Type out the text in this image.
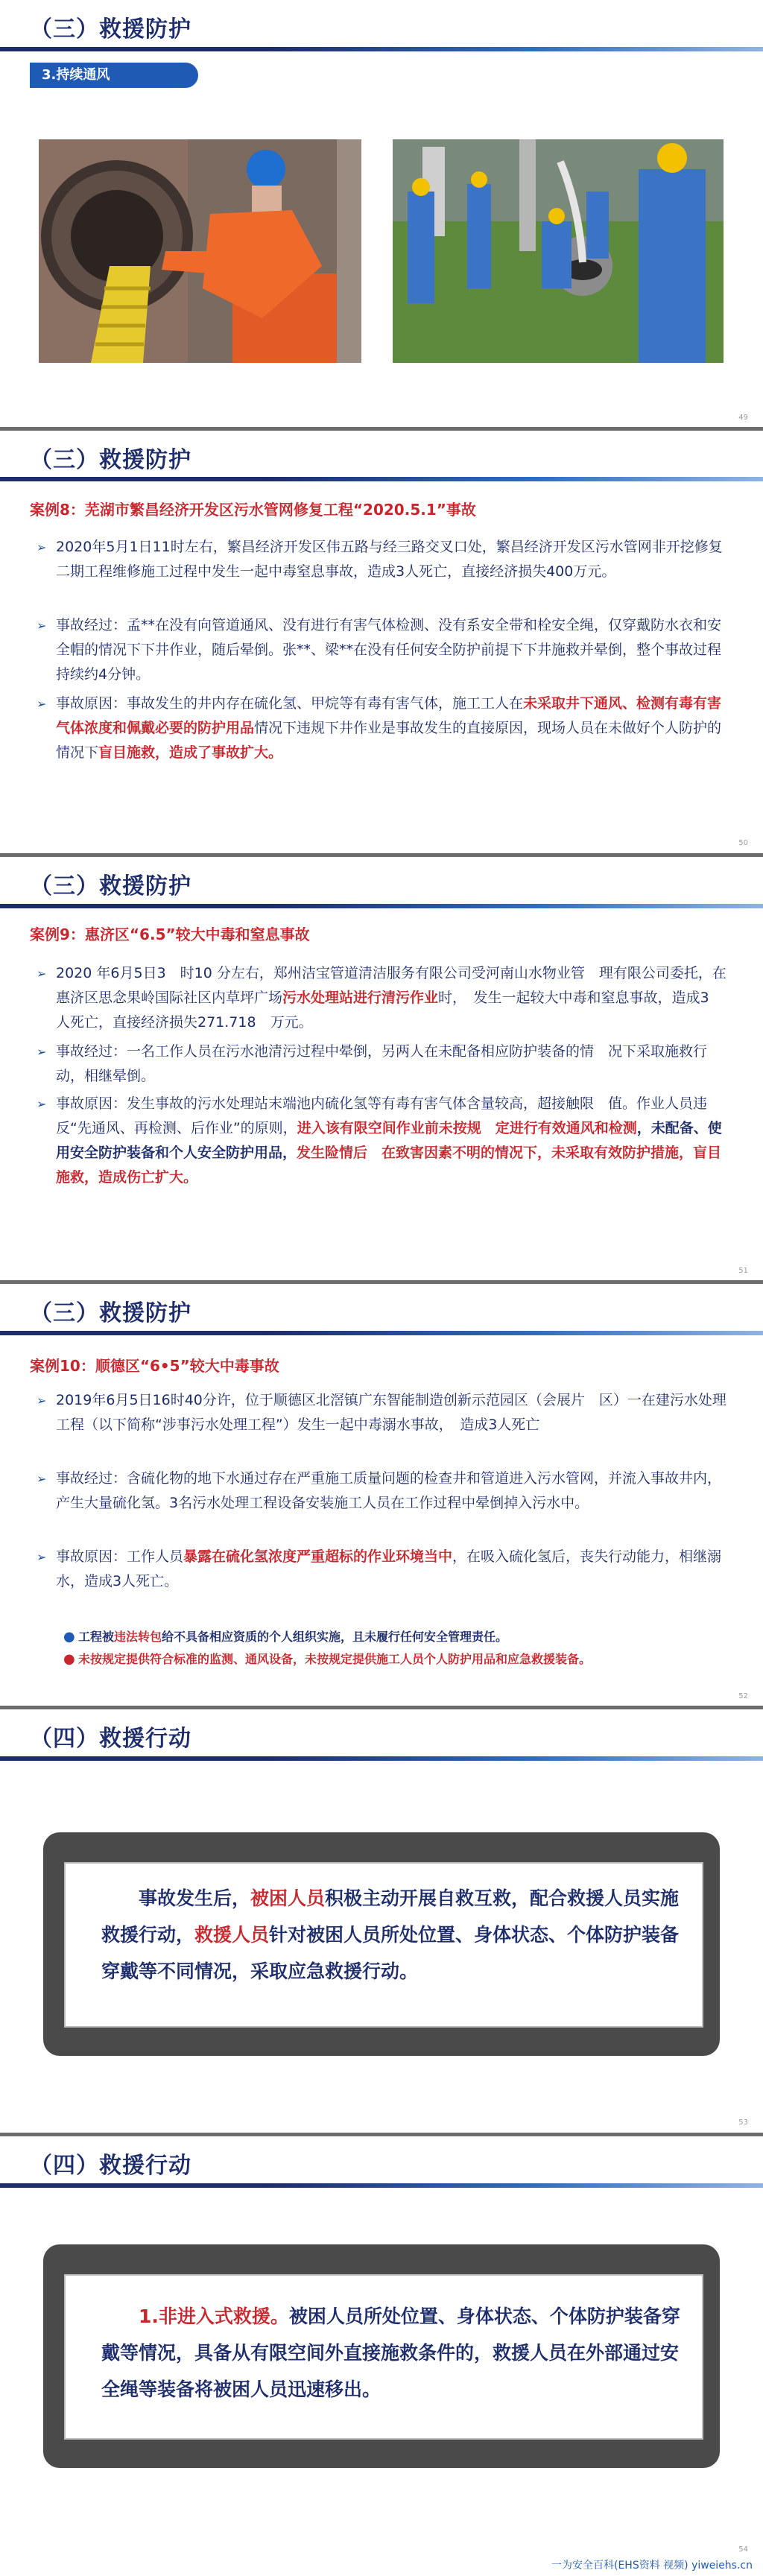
（三）救援防护
3.持续通风
49
（三）救援防护
案例8：芜湖市繁昌经济开发区污水管网修复工程“2020.5.1”事故
➢ 2020年5月1日11时左右，繁昌经济开发区伟五路与经三路交叉口处，繁昌经济开发区污水管网非开挖修复二期工程维修施工过程中发生一起中毒窒息事故，造成3人死亡，直接经济损失400万元。
➢ 事故经过：孟**在没有向管道通风、没有进行有害气体检测、没有系安全带和栓安全绳，仅穿戴防水衣和安全帽的情况下下井作业，随后晕倒。张**、梁**在没有任何安全防护前提下下井施救并晕倒，整个事故过程持续约4分钟。
➢ 事故原因：事故发生的井内存在硫化氢、甲烷等有毒有害气体，施工工人在未采取井下通风、检测有毒有害气体浓度和佩戴必要的防护用品情况下违规下井作业是事故发生的直接原因，现场人员在未做好个人防护的情况下盲目施救，造成了事故扩大。
50
（三）救援防护
案例9：惠济区“6.5”较大中毒和窒息事故
➢ 2020 年6月5日3　时10 分左右，郑州洁宝管道清洁服务有限公司受河南山水物业管　理有限公司委托，在惠济区思念果岭国际社区内草坪广场污水处理站进行清污作业时，　发生一起较大中毒和窒息事故，造成3 人死亡，直接经济损失271.718　万元。
➢ 事故经过：一名工作人员在污水池清污过程中晕倒，另两人在未配备相应防护装备的情　况下采取施救行动，相继晕倒。
➢ 事故原因：发生事故的污水处理站末端池内硫化氢等有毒有害气体含量较高，超接触限　值。作业人员违反“先通风、再检测、后作业”的原则，进入该有限空间作业前未按规　定进行有效通风和检测，未配备、使用安全防护装备和个人安全防护用品，发生险情后　在致害因素不明的情况下，未采取有效防护措施，盲目施救，造成伤亡扩大。
51
（三）救援防护
案例10：顺德区“6•5”较大中毒事故
➢ 2019年6月5日16时40分许，位于顺德区北滘镇广东智能制造创新示范园区（会展片　区）一在建污水处理工程（以下简称“涉事污水处理工程”）发生一起中毒溺水事故，　造成3人死亡
➢ 事故经过：含硫化物的地下水通过存在严重施工质量问题的检查井和管道进入污水管网，并流入事故井内，产生大量硫化氢。3名污水处理工程设备安装施工人员在工作过程中晕倒掉入污水中。
➢ 事故原因：工作人员暴露在硫化氢浓度严重超标的作业环境当中，在吸入硫化氢后，丧失行动能力，相继溺水，造成3人死亡。
● 工程被违法转包给不具备相应资质的个人组织实施，且未履行任何安全管理责任。
● 未按规定提供符合标准的监测、通风设备，未按规定提供施工人员个人防护用品和应急救援装备。
52
（四）救援行动
事故发生后，被困人员积极主动开展自救互救，配合救援人员实施救援行动，救援人员针对被困人员所处位置、身体状态、个体防护装备穿戴等不同情况，采取应急救援行动。
53
（四）救援行动
1.非进入式救援。被困人员所处位置、身体状态、个体防护装备穿戴等情况，具备从有限空间外直接施救条件的，救援人员在外部通过安全绳等装备将被困人员迅速移出。
54
一为安全百科(EHS资料 视频) yiweiehs.cn
